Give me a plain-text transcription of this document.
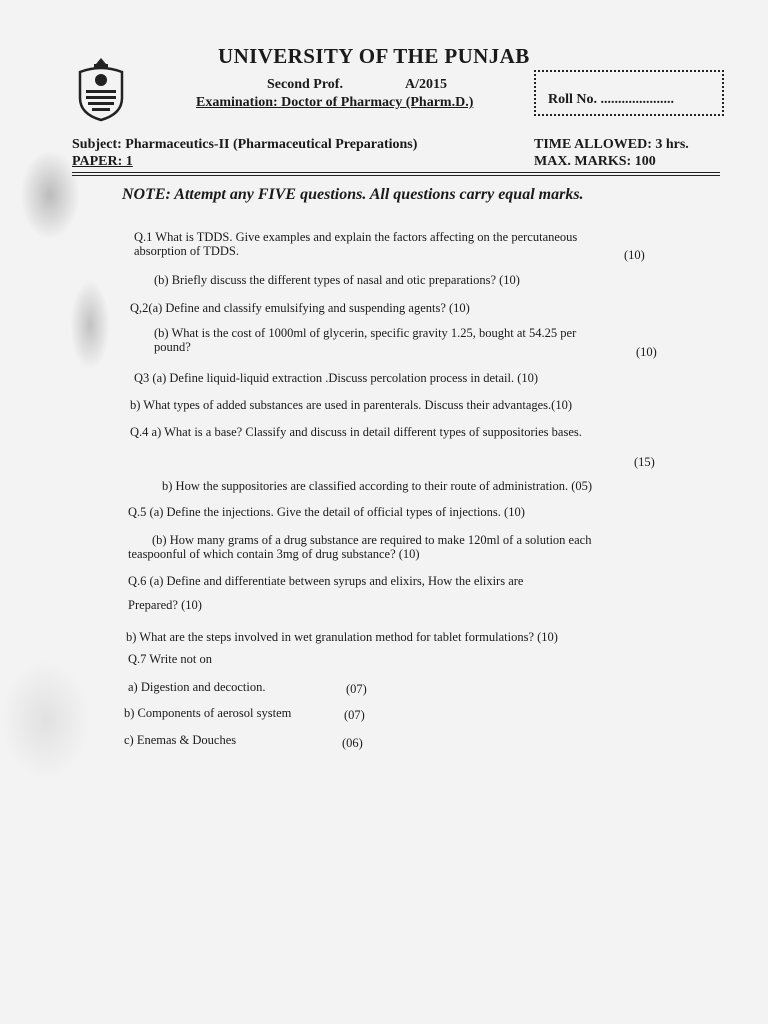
UNIVERSITY OF THE PUNJAB
Second Prof.	A/2015
Examination: Doctor of Pharmacy (Pharm.D.)	Roll No. .....................
Subject: Pharmaceutics-II (Pharmaceutical Preparations)	TIME ALLOWED: 3 hrs.
PAPER: 1	MAX. MARKS: 100
NOTE: Attempt any FIVE questions. All questions carry equal marks.
Q.1 What is TDDS. Give examples and explain the factors affecting on the percutaneous
absorption of TDDS.	(10)
(b) Briefly discuss the different types of nasal and otic preparations? (10)
Q,2(a) Define and classify emulsifying and suspending agents? (10)
(b) What is the cost of 1000ml of glycerin, specific gravity 1.25, bought at 54.25 per
pound?	(10)
Q3 (a) Define liquid-liquid extraction .Discuss percolation process in detail. (10)
b) What types of added substances are used in parenterals. Discuss their advantages.(10)
Q.4 a) What is a base? Classify and discuss in detail different types of suppositories bases.
(15)
b) How the suppositories are classified according to their route of administration. (05)
Q.5 (a) Define the injections. Give the detail of official types of injections. (10)
(b) How many grams of a drug substance are required to make 120ml of a solution each
teaspoonful of which contain 3mg of drug substance? (10)
Q.6 (a) Define and differentiate between syrups and elixirs, How the elixirs are
Prepared? (10)
b) What are the steps involved in wet granulation method for tablet formulations? (10)
Q.7 Write not on
a) Digestion and decoction.	(07)
b) Components of aerosol system	(07)
c) Enemas & Douches	(06)
